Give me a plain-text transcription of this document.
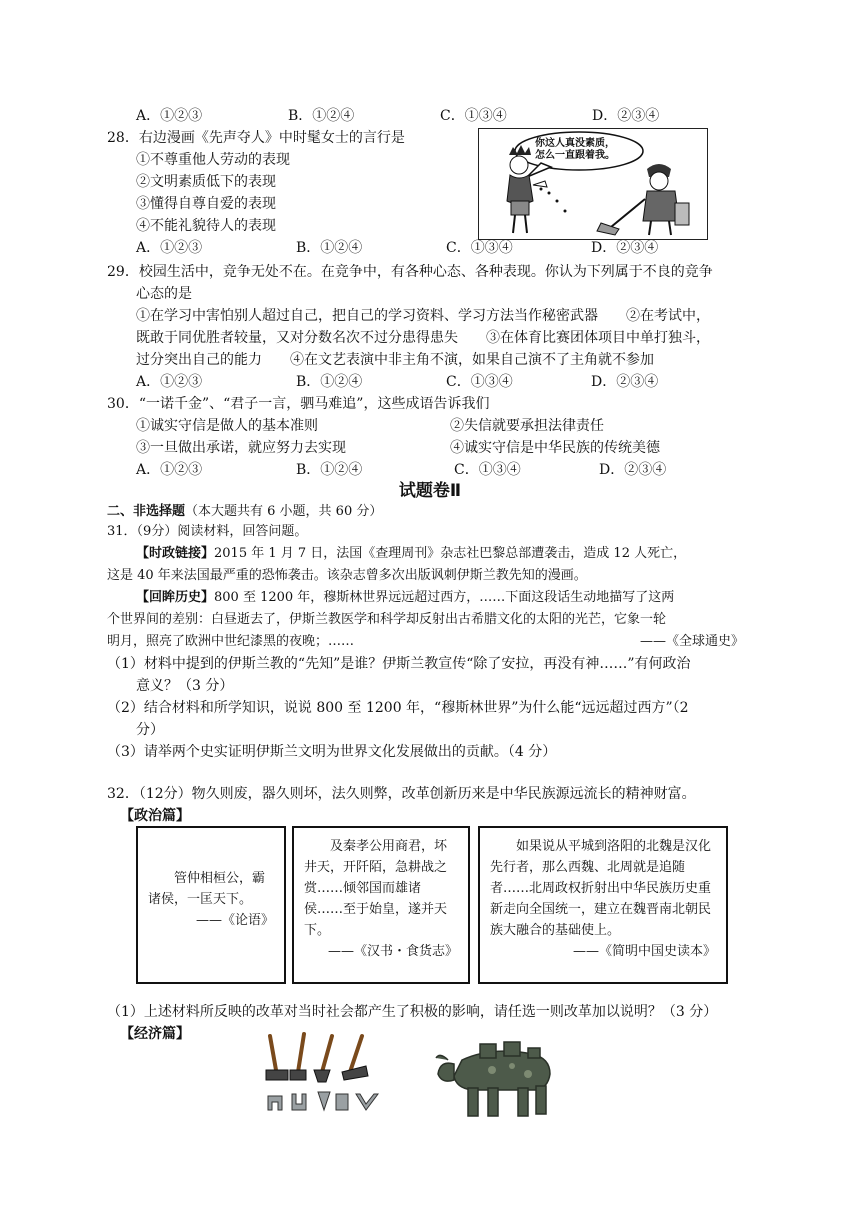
A．①②③	B．①②④	C．①③④	D．②③④
28．右边漫画《先声夺人》中时髦女士的言行是
①不尊重他人劳动的表现
②文明素质低下的表现
③懂得自尊自爱的表现
④不能礼貌待人的表现
A．①②③	B．①②④	C．①③④	D．②③④
你这人真没素质，
怎么一直跟着我。
29．校园生活中，竞争无处不在。在竞争中，有各种心态、各种表现。你认为下列属于不良的竞争
心态的是
①在学习中害怕别人超过自己，把自己的学习资料、学习方法当作秘密武器　　②在考试中，
既敢于同优胜者较量，又对分数名次不过分患得患失　　③在体育比赛团体项目中单打独斗，
过分突出自己的能力　　④在文艺表演中非主角不演，如果自己演不了主角就不参加
A．①②③	B．①②④	C．①③④	D．②③④
30．“一诺千金”、“君子一言，驷马难追”，这些成语告诉我们
①诚实守信是做人的基本准则	②失信就要承担法律责任
③一旦做出承诺，就应努力去实现	④诚实守信是中华民族的传统美德
A．①②③	B．①②④	C．①③④	D．②③④
试题卷Ⅱ
二、非选择题（本大题共有 6 小题，共 60 分）
31．（9分）阅读材料，回答问题。
【时政链接】2015 年 1 月 7 日，法国《查理周刊》杂志社巴黎总部遭袭击，造成 12 人死亡，
这是 40 年来法国最严重的恐怖袭击。该杂志曾多次出版讽刺伊斯兰教先知的漫画。
【回眸历史】800 至 1200 年，穆斯林世界远远超过西方，……下面这段话生动地描写了这两
个世界间的差别：白昼逝去了，伊斯兰教医学和科学却反射出古希腊文化的太阳的光芒，它象一轮
明月，照亮了欧洲中世纪漆黑的夜晚；……	——《全球通史》
（1）材料中提到的伊斯兰教的“先知”是谁？伊斯兰教宣传“除了安拉，再没有神……”有何政治
意义？（3 分）
（2）结合材料和所学知识，说说 800 至 1200 年，“穆斯林世界”为什么能“远远超过西方”（2
分）
（3）请举两个史实证明伊斯兰文明为世界文化发展做出的贡献。（4 分）
32．（12分）物久则废，器久则坏，法久则弊，改革创新历来是中华民族源远流长的精神财富。
【政治篇】

管仲相桓公，霸诸侯，一匡天下。

——《论语》

及秦孝公用商君，坏井天，开阡陌，急耕战之赏……倾邻国而雄诸侯……至于始皇，遂并天下。

——《汉书・食货志》

如果说从平城到洛阳的北魏是汉化先行者，那么西魏、北周就是追随者……北周政权折射出中华民族历史重新走向全国统一，建立在魏晋南北朝民族大融合的基础使上。

——《简明中国史读本》

（1）上述材料所反映的改革对当时社会都产生了积极的影响，请任选一则改革加以说明？（3 分）
【经济篇】
